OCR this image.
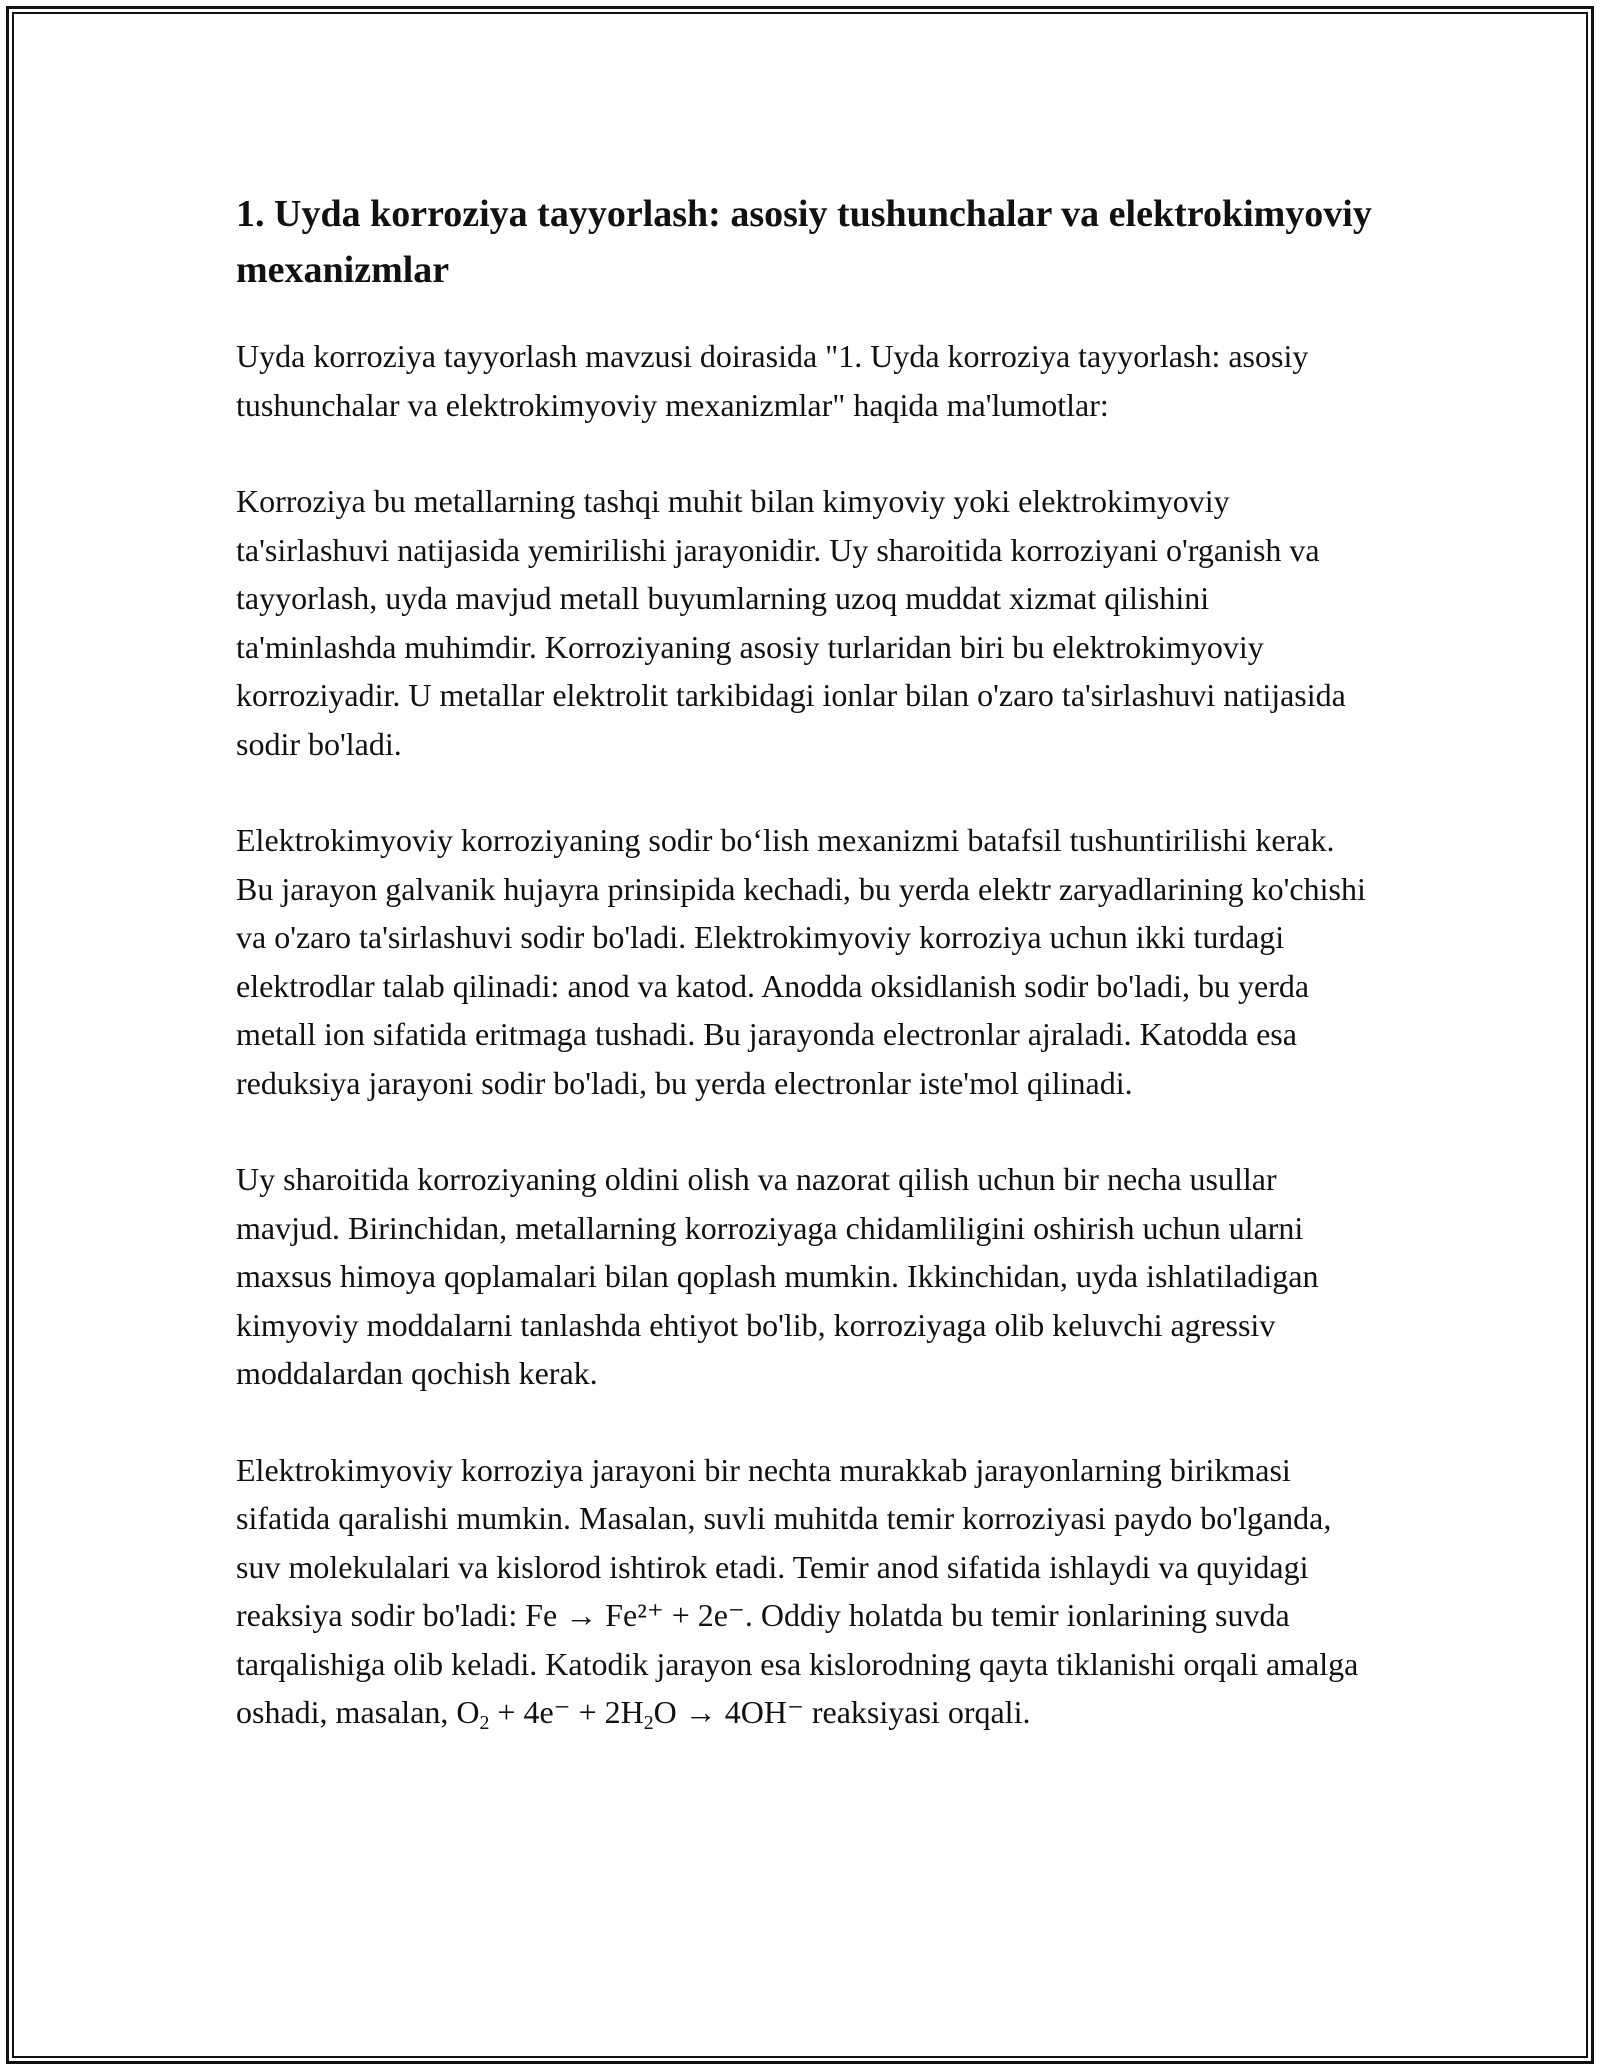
1. Uyda korroziya tayyorlash: asosiy tushunchalar va elektrokimyoviy mexanizmlar

Uyda korroziya tayyorlash mavzusi doirasida "1. Uyda korroziya tayyorlash: asosiy tushunchalar va elektrokimyoviy mexanizmlar" haqida ma'lumotlar:

Korroziya bu metallarning tashqi muhit bilan kimyoviy yoki elektrokimyoviy ta'sirlashuvi natijasida yemirilishi jarayonidir. Uy sharoitida korroziyani o'rganish va tayyorlash, uyda mavjud metall buyumlarning uzoq muddat xizmat qilishini ta'minlashda muhimdir. Korroziyaning asosiy turlaridan biri bu elektrokimyoviy korroziyadir. U metallar elektrolit tarkibidagi ionlar bilan o'zaro ta'sirlashuvi natijasida sodir bo'ladi.

Elektrokimyoviy korroziyaning sodir bo‘lish mexanizmi batafsil tushuntirilishi kerak. Bu jarayon galvanik hujayra prinsipida kechadi, bu yerda elektr zaryadlarining ko'chishi va o'zaro ta'sirlashuvi sodir bo'ladi. Elektrokimyoviy korroziya uchun ikki turdagi elektrodlar talab qilinadi: anod va katod. Anodda oksidlanish sodir bo'ladi, bu yerda metall ion sifatida eritmaga tushadi. Bu jarayonda electronlar ajraladi. Katodda esa reduksiya jarayoni sodir bo'ladi, bu yerda electronlar iste'mol qilinadi.

Uy sharoitida korroziyaning oldini olish va nazorat qilish uchun bir necha usullar mavjud. Birinchidan, metallarning korroziyaga chidamliligini oshirish uchun ularni maxsus himoya qoplamalari bilan qoplash mumkin. Ikkinchidan, uyda ishlatiladigan kimyoviy moddalarni tanlashda ehtiyot bo'lib, korroziyaga olib keluvchi agressiv moddalardan qochish kerak.

Elektrokimyoviy korroziya jarayoni bir nechta murakkab jarayonlarning birikmasi sifatida qaralishi mumkin. Masalan, suvli muhitda temir korroziyasi paydo bo'lganda, suv molekulalari va kislorod ishtirok etadi. Temir anod sifatida ishlaydi va quyidagi reaksiya sodir bo'ladi: Fe → Fe²⁺ + 2e⁻. Oddiy holatda bu temir ionlarining suvda tarqalishiga olib keladi. Katodik jarayon esa kislorodning qayta tiklanishi orqali amalga oshadi, masalan, $O_2 + 4e^- + 2H_2O \to 4OH^-$ reaksiyasi orqali.
